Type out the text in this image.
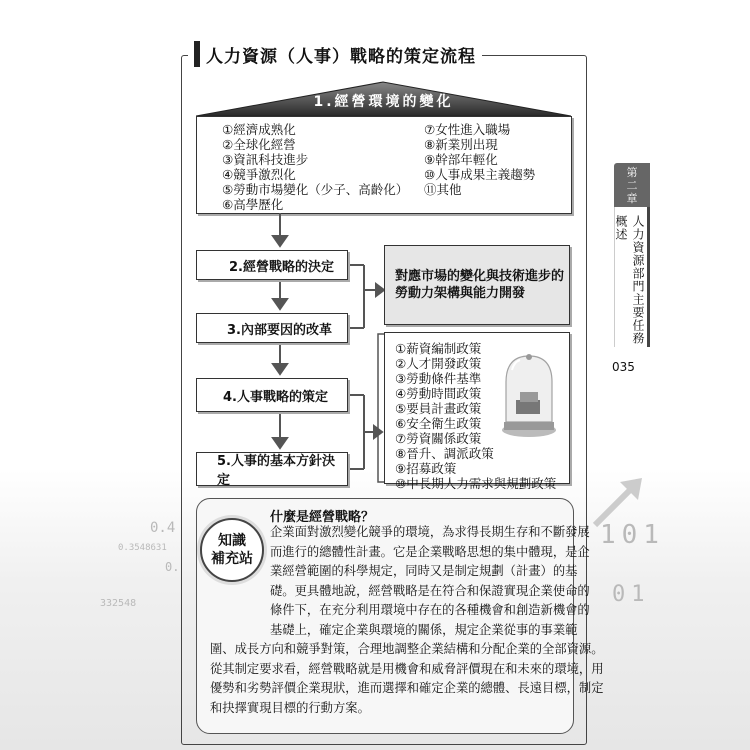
0.4
0.3548631
332548
0.
101
01
人力資源（人事）戰略的策定流程
1.經營環境的變化
①經濟成熟化
②全球化經營
③資訊科技進步
④競爭激烈化
⑤勞動市場變化（少子、高齡化）
⑥高學歷化
⑦女性進入職場
⑧新業別出現
⑨幹部年輕化
⑩人事成果主義趨勢
⑪其他
2.經營戰略的決定
3.內部要因的改革
4.人事戰略的策定
5.人事的基本方針決定
對應市場的變化與技術進步的
勞動力架構與能力開發
①薪資編制政策
②人才開發政策
③勞動條件基準
④勞動時間政策
⑤要員計畫政策
⑥安全衛生政策
⑦勞資關係政策
⑧晉升、調派政策
⑨招募政策
⑩中長期人力需求與規劃政策
知識
補充站
什麼是經營戰略？
企業面對激烈變化競爭的環境，為求得長期生存和不斷發展
而進行的總體性計畫。它是企業戰略思想的集中體現，是企
業經營範圍的科學規定，同時又是制定規劃（計畫）的基
礎。更具體地說，經營戰略是在符合和保證實現企業使命的
條件下，在充分利用環境中存在的各種機會和創造新機會的
基礎上，確定企業與環境的關係，規定企業從事的事業範
圍、成長方向和競爭對策，合理地調整企業結構和分配企業的全部資源。
從其制定要求看，經營戰略就是用機會和威脅評價現在和未來的環境，用
優勢和劣勢評價企業現狀，進而選擇和確定企業的總體、長遠目標，制定
和抉擇實現目標的行動方案。
第
二
章
人力資源部門主要任務概述
035
